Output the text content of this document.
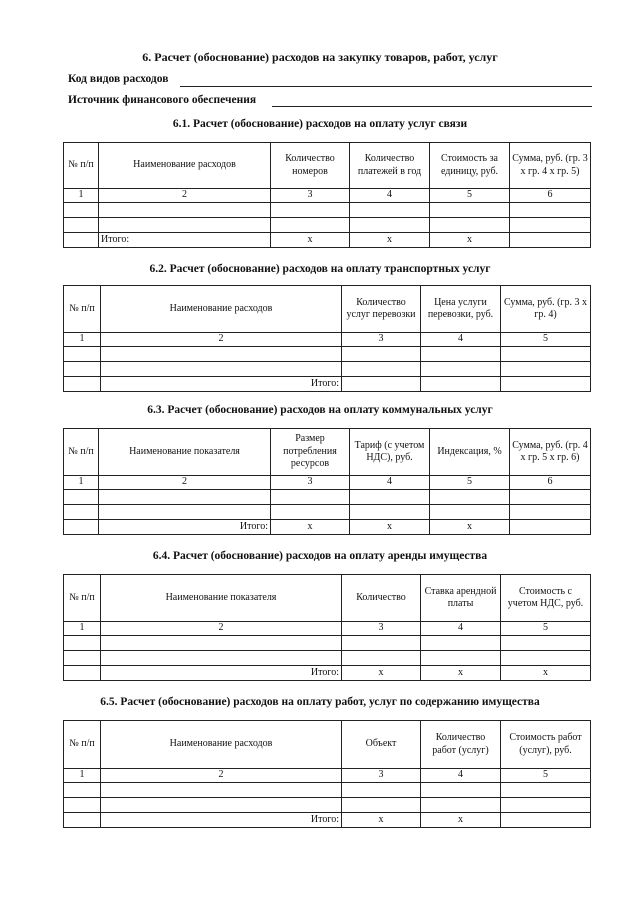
6. Расчет (обоснование) расходов на закупку товаров, работ, услуг
Код видов расходов
Источник финансового обеспечения
6.1. Расчет (обоснование) расходов на оплату услуг связи
№ п/п	Наименование расходов	Количество номеров	Количество платежей в год	Стоимость за единицу, руб.	Сумма, руб. (гр. 3 х гр. 4 х гр. 5)
1	2	3	4	5	6

	Итого:	х	х	х	
6.2. Расчет (обоснование) расходов на оплату транспортных услуг
№ п/п	Наименование расходов	Количество услуг перевозки	Цена услуги перевозки, руб.	Сумма, руб. (гр. 3 х гр. 4)
1	2	3	4	5

	Итого:			
6.3. Расчет (обоснование) расходов на оплату коммунальных услуг
№ п/п	Наименование показателя	Размер потребления ресурсов	Тариф (с учетом НДС), руб.	Индексация, %	Сумма, руб. (гр. 4 х гр. 5 х гр. 6)
1	2	3	4	5	6

	Итого:	х	х	х	
6.4. Расчет (обоснование) расходов на оплату аренды имущества
№ п/п	Наименование показателя	Количество	Ставка арендной платы	Стоимость с учетом НДС, руб.
1	2	3	4	5

	Итого:	х	х	х
6.5. Расчет (обоснование) расходов на оплату работ, услуг по содержанию имущества
№ п/п	Наименование расходов	Объект	Количество работ (услуг)	Стоимость работ (услуг), руб.
1	2	3	4	5

	Итого:	х	х	
